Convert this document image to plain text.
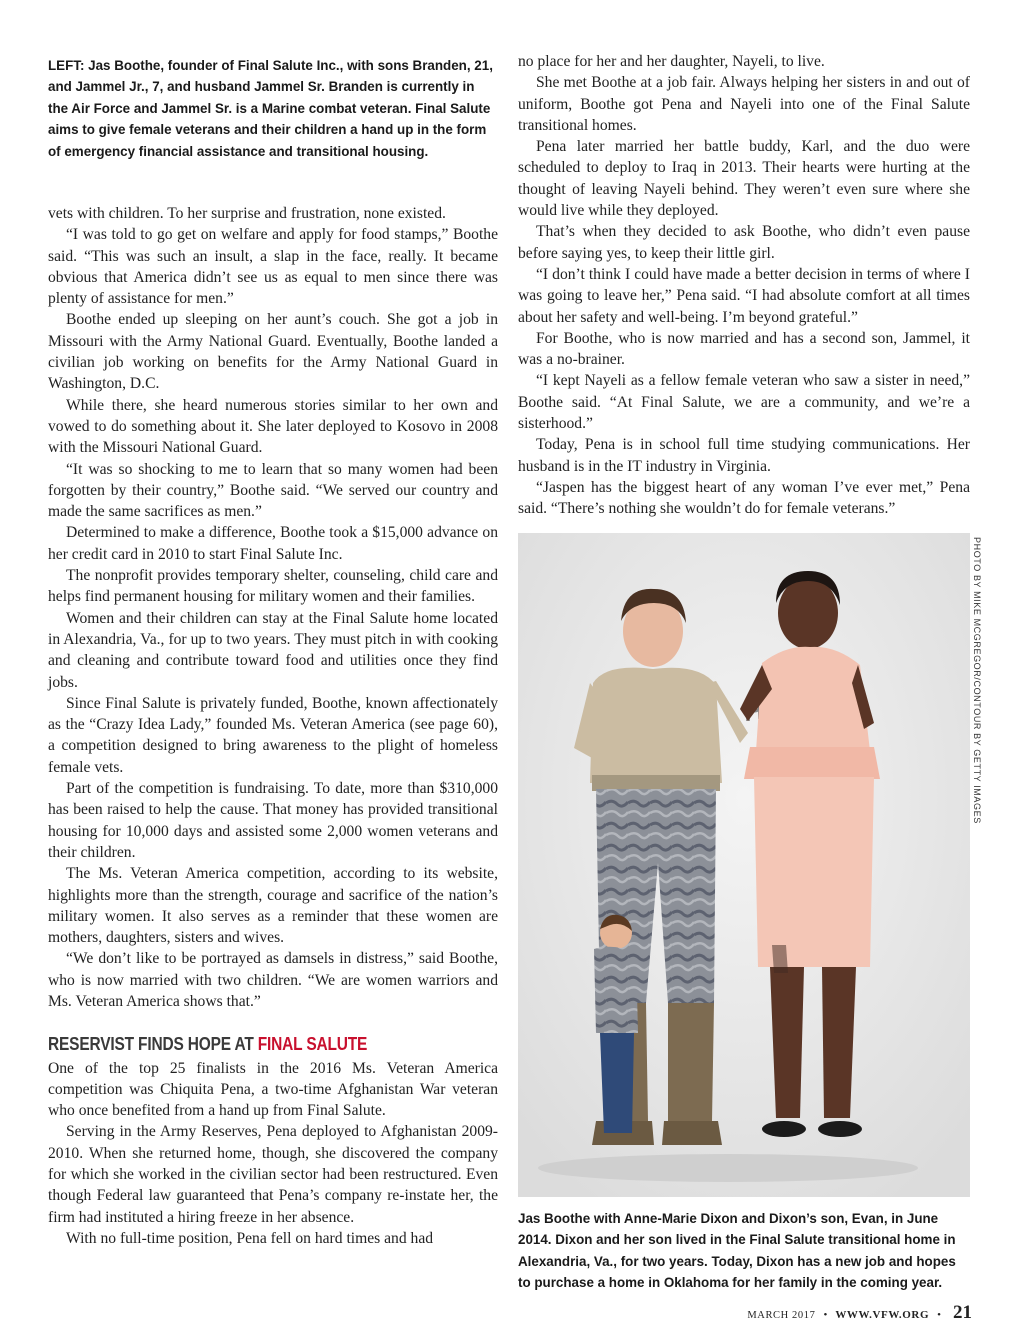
LEFT: Jas Boothe, founder of Final Salute Inc., with sons Branden, 21, and Jammel Jr., 7, and husband Jammel Sr. Branden is currently in the Air Force and Jammel Sr. is a Marine combat veteran. Final Salute aims to give female veterans and their children a hand up in the form of emergency financial assistance and transitional housing.

vets with children. To her surprise and frustration, none existed.

“I was told to go get on welfare and apply for food stamps,” Boothe said. “This was such an insult, a slap in the face, really. It became obvious that America didn’t see us as equal to men since there was plenty of assistance for men.”

Boothe ended up sleeping on her aunt’s couch. She got a job in Missouri with the Army National Guard. Eventually, Boothe landed a civilian job working on benefits for the Army National Guard in Washington, D.C.

While there, she heard numerous stories similar to her own and vowed to do something about it. She later deployed to Kosovo in 2008 with the Missouri National Guard.

“It was so shocking to me to learn that so many women had been forgotten by their country,” Boothe said. “We served our country and made the same sacrifices as men.”

Determined to make a difference, Boothe took a $15,000 advance on her credit card in 2010 to start Final Salute Inc.

The nonprofit provides temporary shelter, counseling, child care and helps find permanent housing for military women and their families.

Women and their children can stay at the Final Salute home located in Alexandria, Va., for up to two years. They must pitch in with cooking and cleaning and contribute toward food and utilities once they find jobs.

Since Final Salute is privately funded, Boothe, known affectionately as the “Crazy Idea Lady,” founded Ms. Veteran America (see page 60), a competition designed to bring awareness to the plight of homeless female vets.

Part of the competition is fundraising. To date, more than $310,000 has been raised to help the cause. That money has provided transitional housing for 10,000 days and assisted some 2,000 women veterans and their children.

The Ms. Veteran America competition, according to its website, highlights more than the strength, courage and sacrifice of the nation’s military women. It also serves as a reminder that these women are mothers, daughters, sisters and wives.

“We don’t like to be portrayed as damsels in distress,” said Boothe, who is now married with two children. “We are women warriors and Ms. Veteran America shows that.”

RESERVIST FINDS HOPE AT FINAL SALUTE

One of the top 25 finalists in the 2016 Ms. Veteran America competition was Chiquita Pena, a two-time Afghanistan War veteran who once benefited from a hand up from Final Salute.

Serving in the Army Reserves, Pena deployed to Afghanistan 2009-2010. When she returned home, though, she discovered the company for which she worked in the civilian sector had been restructured. Even though Federal law guaranteed that Pena’s company re-instate her, the firm had instituted a hiring freeze in her absence.

With no full-time position, Pena fell on hard times and had

no place for her and her daughter, Nayeli, to live.

She met Boothe at a job fair. Always helping her sisters in and out of uniform, Boothe got Pena and Nayeli into one of the Final Salute transitional homes.

Pena later married her battle buddy, Karl, and the duo were scheduled to deploy to Iraq in 2013. Their hearts were hurting at the thought of leaving Nayeli behind. They weren’t even sure where she would live while they deployed.

That’s when they decided to ask Boothe, who didn’t even pause before saying yes, to keep their little girl.

“I don’t think I could have made a better decision in terms of where I was going to leave her,” Pena said. “I had absolute comfort at all times about her safety and well-being. I’m beyond grateful.”

For Boothe, who is now married and has a second son, Jammel, it was a no-brainer.

“I kept Nayeli as a fellow female veteran who saw a sister in need,” Boothe said. “At Final Salute, we are a community, and we’re a sisterhood.”

Today, Pena is in school full time studying communications. Her husband is in the IT industry in Virginia.

“Jaspen has the biggest heart of any woman I’ve ever met,” Pena said. “There’s nothing she wouldn’t do for female veterans.”

PHOTO BY MIKE MCGREGOR/CONTOUR BY GETTY IMAGES
Jas Boothe with Anne-Marie Dixon and Dixon’s son, Evan, in June 2014. Dixon and her son lived in the Final Salute transitional home in Alexandria, Va., for two years. Today, Dixon has a new job and hopes to purchase a home in Oklahoma for her family in the coming year.
MARCH 2017 • WWW.VFW.ORG • 21
